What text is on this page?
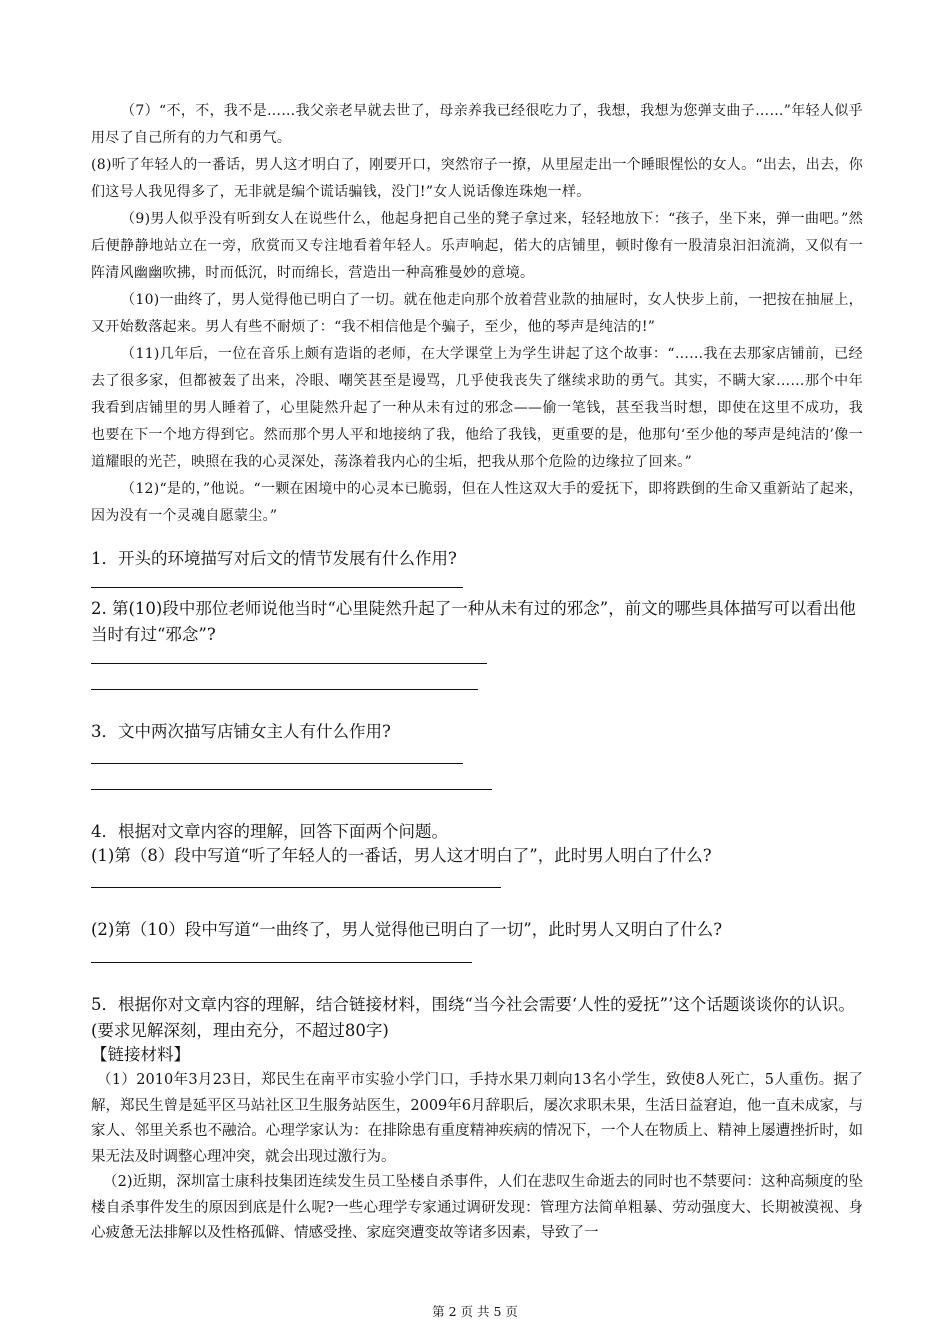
（7）“不，不，我不是……我父亲老早就去世了，母亲养我已经很吃力了，我想，我想为您弹支曲子……”年轻人似乎用尽了自己所有的力气和勇气。

(8)听了年轻人的一番话，男人这才明白了，刚要开口，突然帘子一撩，从里屋走出一个睡眼惺忪的女人。“出去，出去，你们这号人我见得多了，无非就是编个谎话骗钱，没门!”女人说话像连珠炮一样。

（9)男人似乎没有听到女人在说些什么，他起身把自己坐的凳子拿过来，轻轻地放下：“孩子，坐下来，弹一曲吧。”然后便静静地站立在一旁，欣赏而又专注地看着年轻人。乐声响起，偌大的店铺里，顿时像有一股清泉汩汩流淌，又似有一阵清风幽幽吹拂，时而低沉，时而绵长，营造出一种高雅曼妙的意境。

（10)一曲终了，男人觉得他已明白了一切。就在他走向那个放着营业款的抽屉时，女人快步上前，一把按在抽屉上，又开始数落起来。男人有些不耐烦了：“我不相信他是个骗子，至少，他的琴声是纯洁的!”

（11)几年后，一位在音乐上颇有造诣的老师，在大学课堂上为学生讲起了这个故事：“……我在去那家店铺前，已经去了很多家，但都被轰了出来，冷眼、嘲笑甚至是谩骂，几乎使我丧失了继续求助的勇气。其实，不瞒大家……那个中年我看到店铺里的男人睡着了，心里陡然升起了一种从未有过的邪念——偷一笔钱，甚至我当时想，即使在这里不成功，我也要在下一个地方得到它。然而那个男人平和地接纳了我，他给了我钱，更重要的是，他那句‘至少他的琴声是纯洁的’像一道耀眼的光芒，映照在我的心灵深处，荡涤着我内心的尘垢，把我从那个危险的边缘拉了回来。”

（12)“是的，”他说。“一颗在困境中的心灵本已脆弱，但在人性这双大手的爱抚下，即将跌倒的生命又重新站了起来，因为没有一个灵魂自愿蒙尘。”

1．开头的环境描写对后文的情节发展有什么作用?

2. 第(10)段中那位老师说他当时“心里陡然升起了一种从未有过的邪念”，前文的哪些具体描写可以看出他当时有过“邪念”?

3．文中两次描写店铺女主人有什么作用?

4．根据对文章内容的理解，回答下面两个问题。

(1)第（8）段中写道“听了年轻人的一番话，男人这才明白了”，此时男人明白了什么?

(2)第（10）段中写道“一曲终了，男人觉得他已明白了一切”，此时男人又明白了什么?

5．根据你对文章内容的理解，结合链接材料，围绕“当今社会需要‘人性的爱抚”’这个话题谈谈你的认识。(要求见解深刻，理由充分，不超过80字)

【链接材料】

（1）2010年3月23日，郑民生在南平市实验小学门口，手持水果刀刺向13名小学生，致使8人死亡，5人重伤。据了解，郑民生曾是延平区马站社区卫生服务站医生，2009年6月辞职后，屡次求职未果，生活日益窘迫，他一直未成家，与家人、邻里关系也不融洽。心理学家认为：在排除患有重度精神疾病的情况下，一个人在物质上、精神上屡遭挫折时，如果无法及时调整心理冲突，就会出现过激行为。

（2)近期，深圳富士康科技集团连续发生员工坠楼自杀事件，人们在悲叹生命逝去的同时也不禁要问：这种高频度的坠楼自杀事件发生的原因到底是什么呢?一些心理学专家通过调研发现：管理方法简单粗暴、劳动强度大、长期被漠视、身心疲惫无法排解以及性格孤僻、情感受挫、家庭突遭变故等诸多因素，导致了一

第 2 页 共 5 页
